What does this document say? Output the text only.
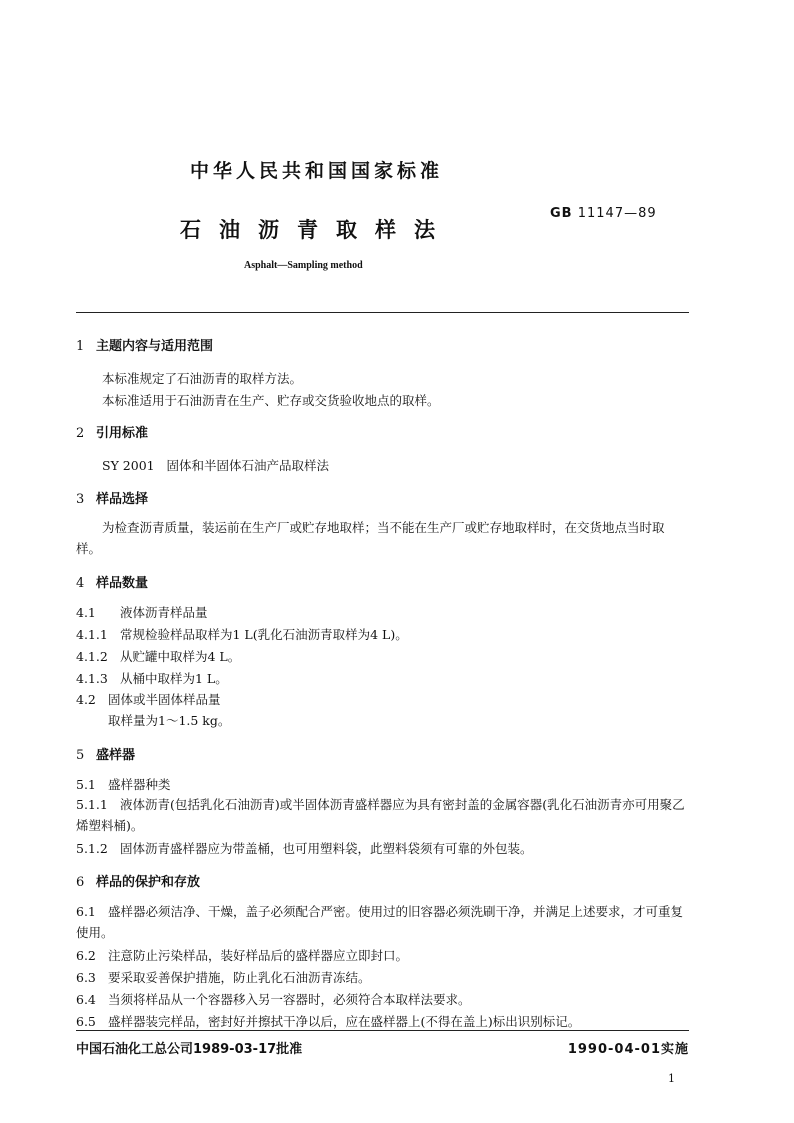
中华人民共和国国家标准
石油沥青取样法
GB 11147—89
Asphalt—Sampling method
1 主题内容与适用范围
本标准规定了石油沥青的取样方法。
本标准适用于石油沥青在生产、贮存或交货验收地点的取样。
2 引用标准
SY 2001   固体和半固体石油产品取样法
3 样品选择
为检查沥青质量，装运前在生产厂或贮存地取样；当不能在生产厂或贮存地取样时，在交货地点当时取样。
4 样品数量
4.1 液体沥青样品量
4.1.1 常规检验样品取样为1 L(乳化石油沥青取样为4 L)。
4.1.2 从贮罐中取样为4 L。
4.1.3 从桶中取样为1 L。
4.2 固体或半固体样品量
取样量为1～1.5 kg。
5 盛样器
5.1 盛样器种类
5.1.1 液体沥青(包括乳化石油沥青)或半固体沥青盛样器应为具有密封盖的金属容器(乳化石油沥青亦可用聚乙烯塑料桶)。
5.1.2 固体沥青盛样器应为带盖桶，也可用塑料袋，此塑料袋须有可靠的外包装。
6 样品的保护和存放
6.1 盛样器必须洁净、干燥，盖子必须配合严密。使用过的旧容器必须洗刷干净，并满足上述要求，才可重复使用。
6.2 注意防止污染样品，装好样品后的盛样器应立即封口。
6.3 要采取妥善保护措施，防止乳化石油沥青冻结。
6.4 当须将样品从一个容器移入另一容器时，必须符合本取样法要求。
6.5 盛样器装完样品，密封好并擦拭干净以后，应在盛样器上(不得在盖上)标出识别标记。
中国石油化工总公司1989-03-17批准	1990-04-01实施
1
